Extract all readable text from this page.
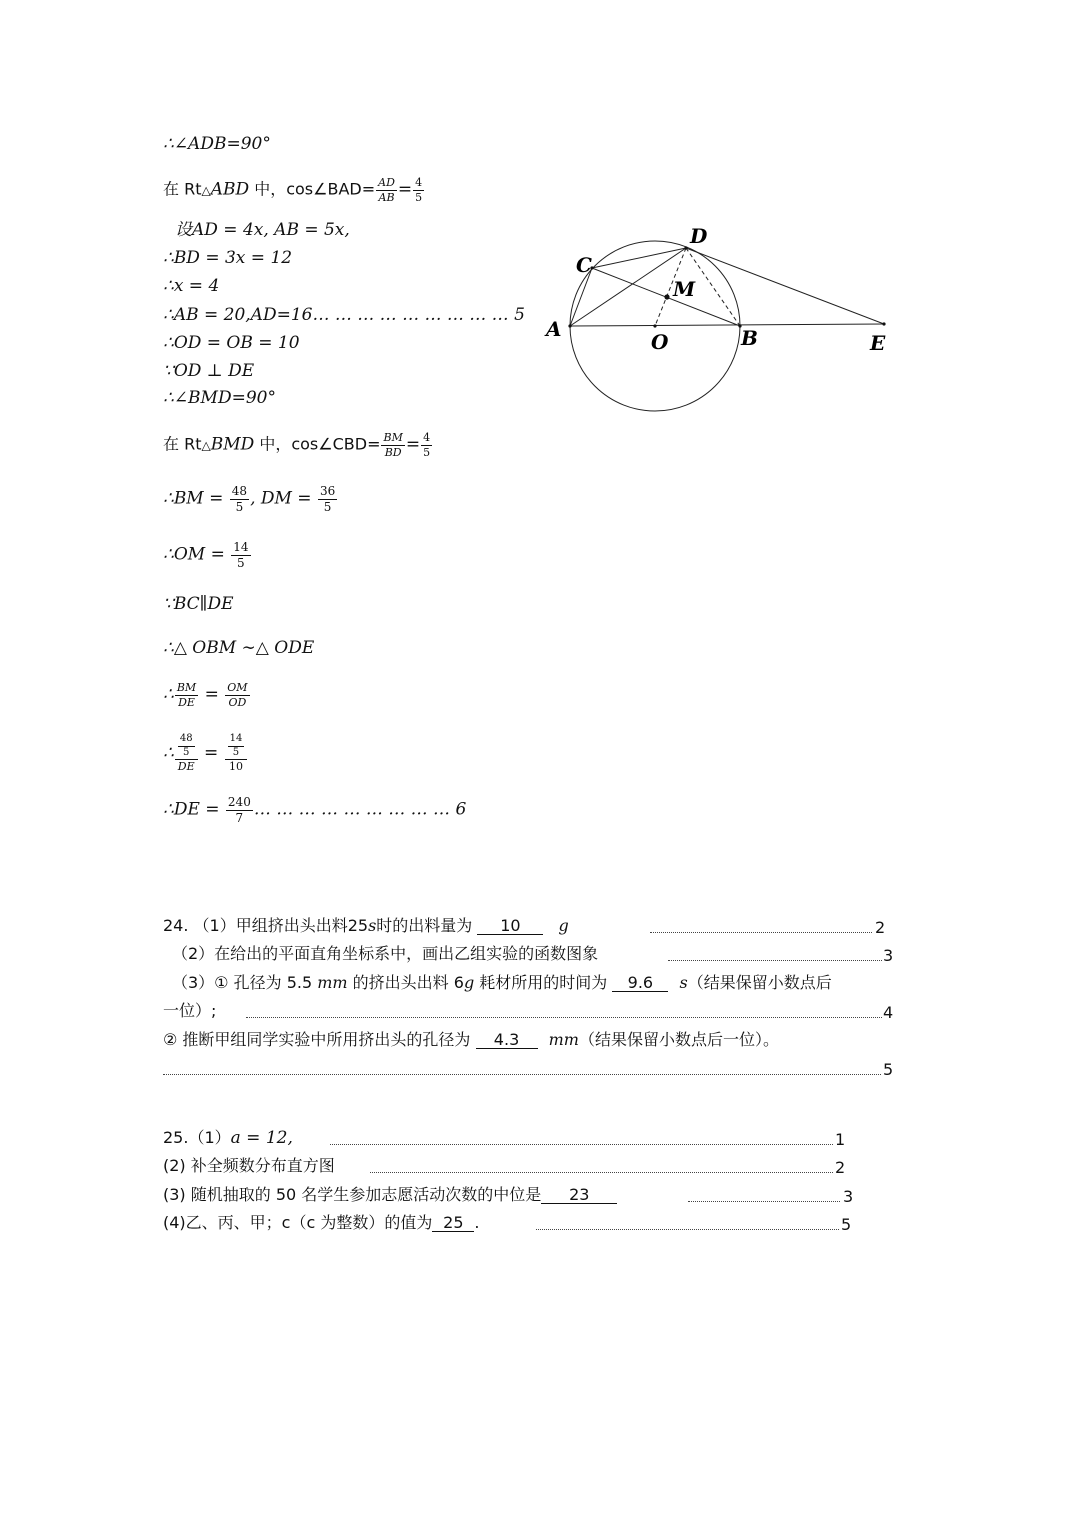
∴∠ADB=90°
在 Rt△ABD 中，cos∠BAD= $\frac{AD}{AB} = \frac{4}{5}$
设AD = 4x, AB = 5x,
∴BD = 3x = 12
∴x = 4
∴AB = 20,AD=16… … … … … … … … … 5
∴OD = OB = 10
∵OD ⊥ DE
∴∠BMD=90°
在 Rt△BMD 中，cos∠CBD= $\frac{BM}{BD} = \frac{4}{5}$
∴BM = $\frac{48}{5}$ , DM = $\frac{36}{5}$
∴OM = $\frac{14}{5}$
∵BC∥DE
∴△ OBM ∼△ ODE
∴ $\frac{BM}{DE} = \frac{OM}{OD}$
∴ $\frac{\frac{48}{5}}{DE} = \frac{\frac{14}{5}}{10}$
∴DE = $\frac{240}{7}$ … … … … … … … … … 6
A
C
D
M
O	B	E
24. （1）甲组挤出头出料25s时的出料量为 10 g	2
（2）在给出的平面直角坐标系中，画出乙组实验的函数图象	3
（3）① 孔径为 5.5 mm 的挤出头出料 6g 耗材所用的时间为 9.6 s（结果保留小数点后
一位）;	4
② 推断甲组同学实验中所用挤出头的孔径为 4.3 mm（结果保留小数点后一位）。
5
25.（1）a = 12,	1
(2) 补全频数分布直方图	2
(3) 随机抽取的 50 名学生参加志愿活动次数的中位是 23	3
(4)乙、丙、甲；c（c 为整数）的值为 25 .	5
